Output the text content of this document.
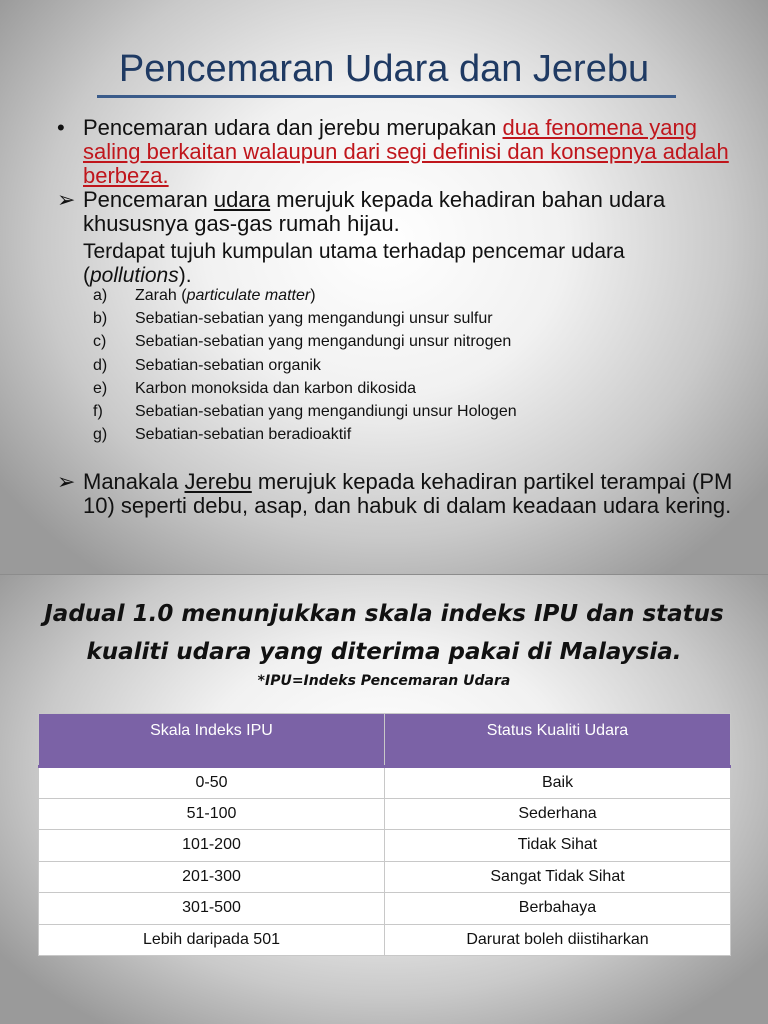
Pencemaran Udara dan Jerebu

• Pencemaran udara dan jerebu merupakan dua fenomena yang saling berkaitan walaupun dari segi definisi dan konsepnya adalah berbeza.

➢ Pencemaran udara merujuk kepada kehadiran bahan udara khususnya gas-gas rumah hijau.

Terdapat tujuh kumpulan utama terhadap pencemar udara (pollutions).

a) Zarah (particulate matter)
b) Sebatian-sebatian yang mengandungi unsur sulfur
c) Sebatian-sebatian yang mengandungi unsur nitrogen
d) Sebatian-sebatian organik
e) Karbon monoksida dan karbon dikosida
f) Sebatian-sebatian yang mengandiungi unsur Hologen
g) Sebatian-sebatian beradioaktif

➢ Manakala Jerebu merujuk kepada kehadiran partikel terampai (PM 10) seperti debu, asap, dan habuk di dalam keadaan udara kering.

Jadual 1.0 menunjukkan skala indeks IPU dan status kualiti udara yang diterima pakai di Malaysia.
*IPU=Indeks Pencemaran Udara
Skala Indeks IPU	Status Kualiti Udara
0-50	Baik
51-100	Sederhana
101-200	Tidak Sihat
201-300	Sangat Tidak Sihat
301-500	Berbahaya
Lebih daripada 501	Darurat boleh diistiharkan
